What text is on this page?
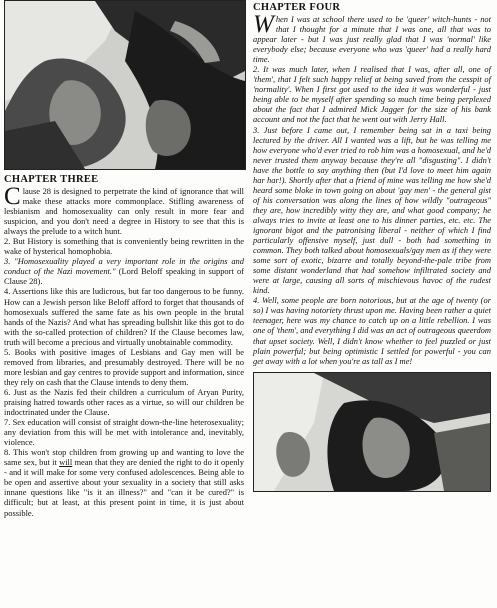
CHAPTER THREE

Clause 28 is designed to perpetrate the kind of ignorance that will make these attacks more commonplace. Stifling awareness of lesbianism and homosexuality can only result in more fear and suspicion, and you don't need a degree in History to see that this is always the prelude to a witch hunt.

2. But History is something that is conveniently being rewritten in the wake of hysterical homophobia.

3. "Homosexuality played a very important role in the origins and conduct of the Nazi movement." (Lord Beloff speaking in support of Clause 28).

4. Assertions like this are ludicrous, but far too dangerous to be funny. How can a Jewish person like Beloff afford to forget that thousands of homosexuals suffered the same fate as his own people in the brutal hands of the Nazis? And what has spreading bullshit like this got to do with the so-called protection of children? If the Clause becomes law, truth will become a precious and virtually unobtainable commodity.

5. Books with positive images of Lesbians and Gay men will be removed from libraries, and presumably destroyed. There will be no more lesbian and gay centres to provide support and information, since they rely on cash that the Clause intends to deny them.

6. Just as the Nazis fed their children a curriculum of Aryan Purity, praising hatred towards other races as a virtue, so will our children be indoctrinated under the Clause.

7. Sex education will consist of straight down-the-line heterosexuality; any deviation from this will be met with intolerance and, inevitably, violence.

8. This won't stop children from growing up and wanting to love the same sex, but it will mean that they are denied the right to do it openly - and it will make for some very confused adolescences. Being able to be open and assertive about your sexuality in a society that still asks innane questions like "is it an illness?" and "can it be cured?" is difficult; but at least, at this present point in time, it is just about possible.

CHAPTER FOUR

When I was at school there used to be 'queer' witch-hunts - not that I thought for a minute that I was one, all that was to appear later - but I was just really glad that I was 'normal' like everybody else; because everyone who was 'queer' had a really hard time.

2. It was much later, when I realised that I was, after all, one of 'them', that I felt such happy relief at being saved from the cesspit of 'normality'. When I first got used to the idea it was wonderful - just being able to be myself after spending so much time being perplexed about the fact that I admired Mick Jagger for the size of his bank account and not the fact that he went out with Jerry Hall.

3. Just before I came out, I remember being sat in a taxi being lectured by the driver. All I wanted was a lift, but he was telling me how everyone who'd ever tried to rob him was a homosexual, and he'd never trusted them anyway because they're all "disgusting". I didn't have the bottle to say anything then (but I'd love to meet him again har har!). Shortly after that a friend of mine was telling me how she'd heard some bloke in town going on about 'gay men' - the general gist of his conversation was along the lines of how wildly "outrageous" they are, how incredibly witty they are, and what good company; he always tries to invite at least one to his dinner parties, etc. etc. The ignorant bigot and the patronising liberal - neither of which I find particularly offensive myself, just dull - both had something in common. They both talked about homosexuals/gay men as if they were some sort of exotic, bizarre and totally beyond-the-pale tribe from some distant wonderland that had somehow infiltrated society and were at large, causing all sorts of mischievous havoc of the rudest kind.

4. Well, some people are born notorious, but at the age of twenty (or so) I was having notoriety thrust upon me. Having been rather a quiet teenager, here was my chance to catch up on a little rebellion. I was one of 'them', and everything I did was an act of outrageous queerdom that upset society. Well, I didn't know whether to feel puzzled or just plain powerful; but being optimistic I settled for powerful - you can get away with a lot when you're as tall as I me!
